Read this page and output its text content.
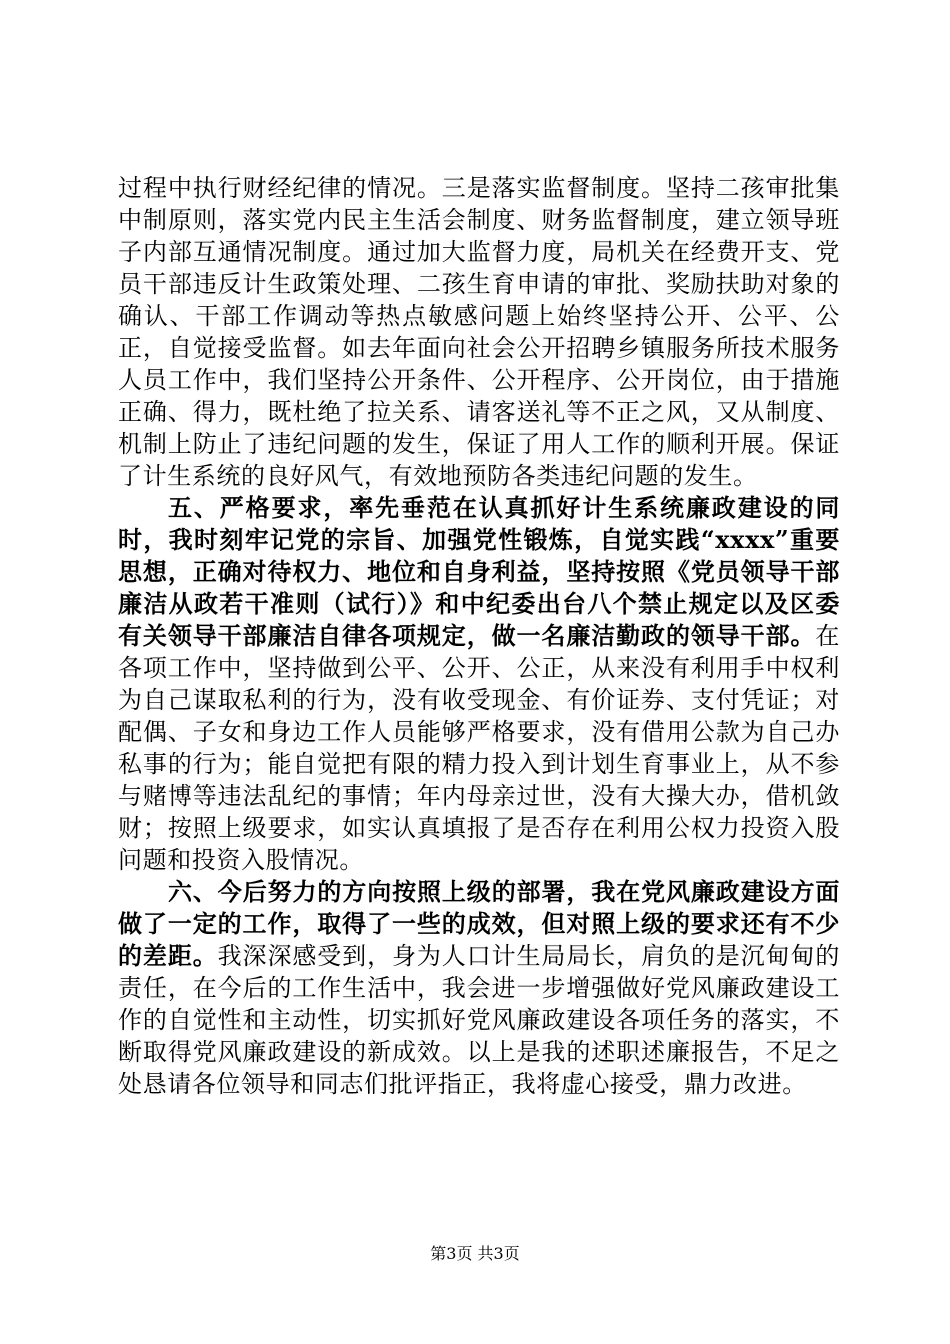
过程中执行财经纪律的情况。三是落实监督制度。坚持二孩审批集中制原则，落实党内民主生活会制度、财务监督制度，建立领导班子内部互通情况制度。通过加大监督力度，局机关在经费开支、党员干部违反计生政策处理、二孩生育申请的审批、奖励扶助对象的确认、干部工作调动等热点敏感问题上始终坚持公开、公平、公正，自觉接受监督。如去年面向社会公开招聘乡镇服务所技术服务人员工作中，我们坚持公开条件、公开程序、公开岗位，由于措施正确、得力，既杜绝了拉关系、请客送礼等不正之风，又从制度、机制上防止了违纪问题的发生，保证了用人工作的顺利开展。保证了计生系统的良好风气，有效地预防各类违纪问题的发生。

五、严格要求，率先垂范在认真抓好计生系统廉政建设的同时，我时刻牢记党的宗旨、加强党性锻炼，自觉实践“xxxx”重要思想，正确对待权力、地位和自身利益，坚持按照《党员领导干部廉洁从政若干准则（试行）》和中纪委出台八个禁止规定以及区委有关领导干部廉洁自律各项规定，做一名廉洁勤政的领导干部。在各项工作中，坚持做到公平、公开、公正，从来没有利用手中权利为自己谋取私利的行为，没有收受现金、有价证券、支付凭证；对配偶、子女和身边工作人员能够严格要求，没有借用公款为自己办私事的行为；能自觉把有限的精力投入到计划生育事业上，从不参与赌博等违法乱纪的事情；年内母亲过世，没有大操大办，借机敛财；按照上级要求，如实认真填报了是否存在利用公权力投资入股问题和投资入股情况。

六、今后努力的方向按照上级的部署，我在党风廉政建设方面做了一定的工作，取得了一些的成效，但对照上级的要求还有不少的差距。我深深感受到，身为人口计生局局长，肩负的是沉甸甸的责任，在今后的工作生活中，我会进一步增强做好党风廉政建设工作的自觉性和主动性，切实抓好党风廉政建设各项任务的落实，不断取得党风廉政建设的新成效。以上是我的述职述廉报告，不足之处恳请各位领导和同志们批评指正，我将虚心接受，鼎力改进。

第3页 共3页
